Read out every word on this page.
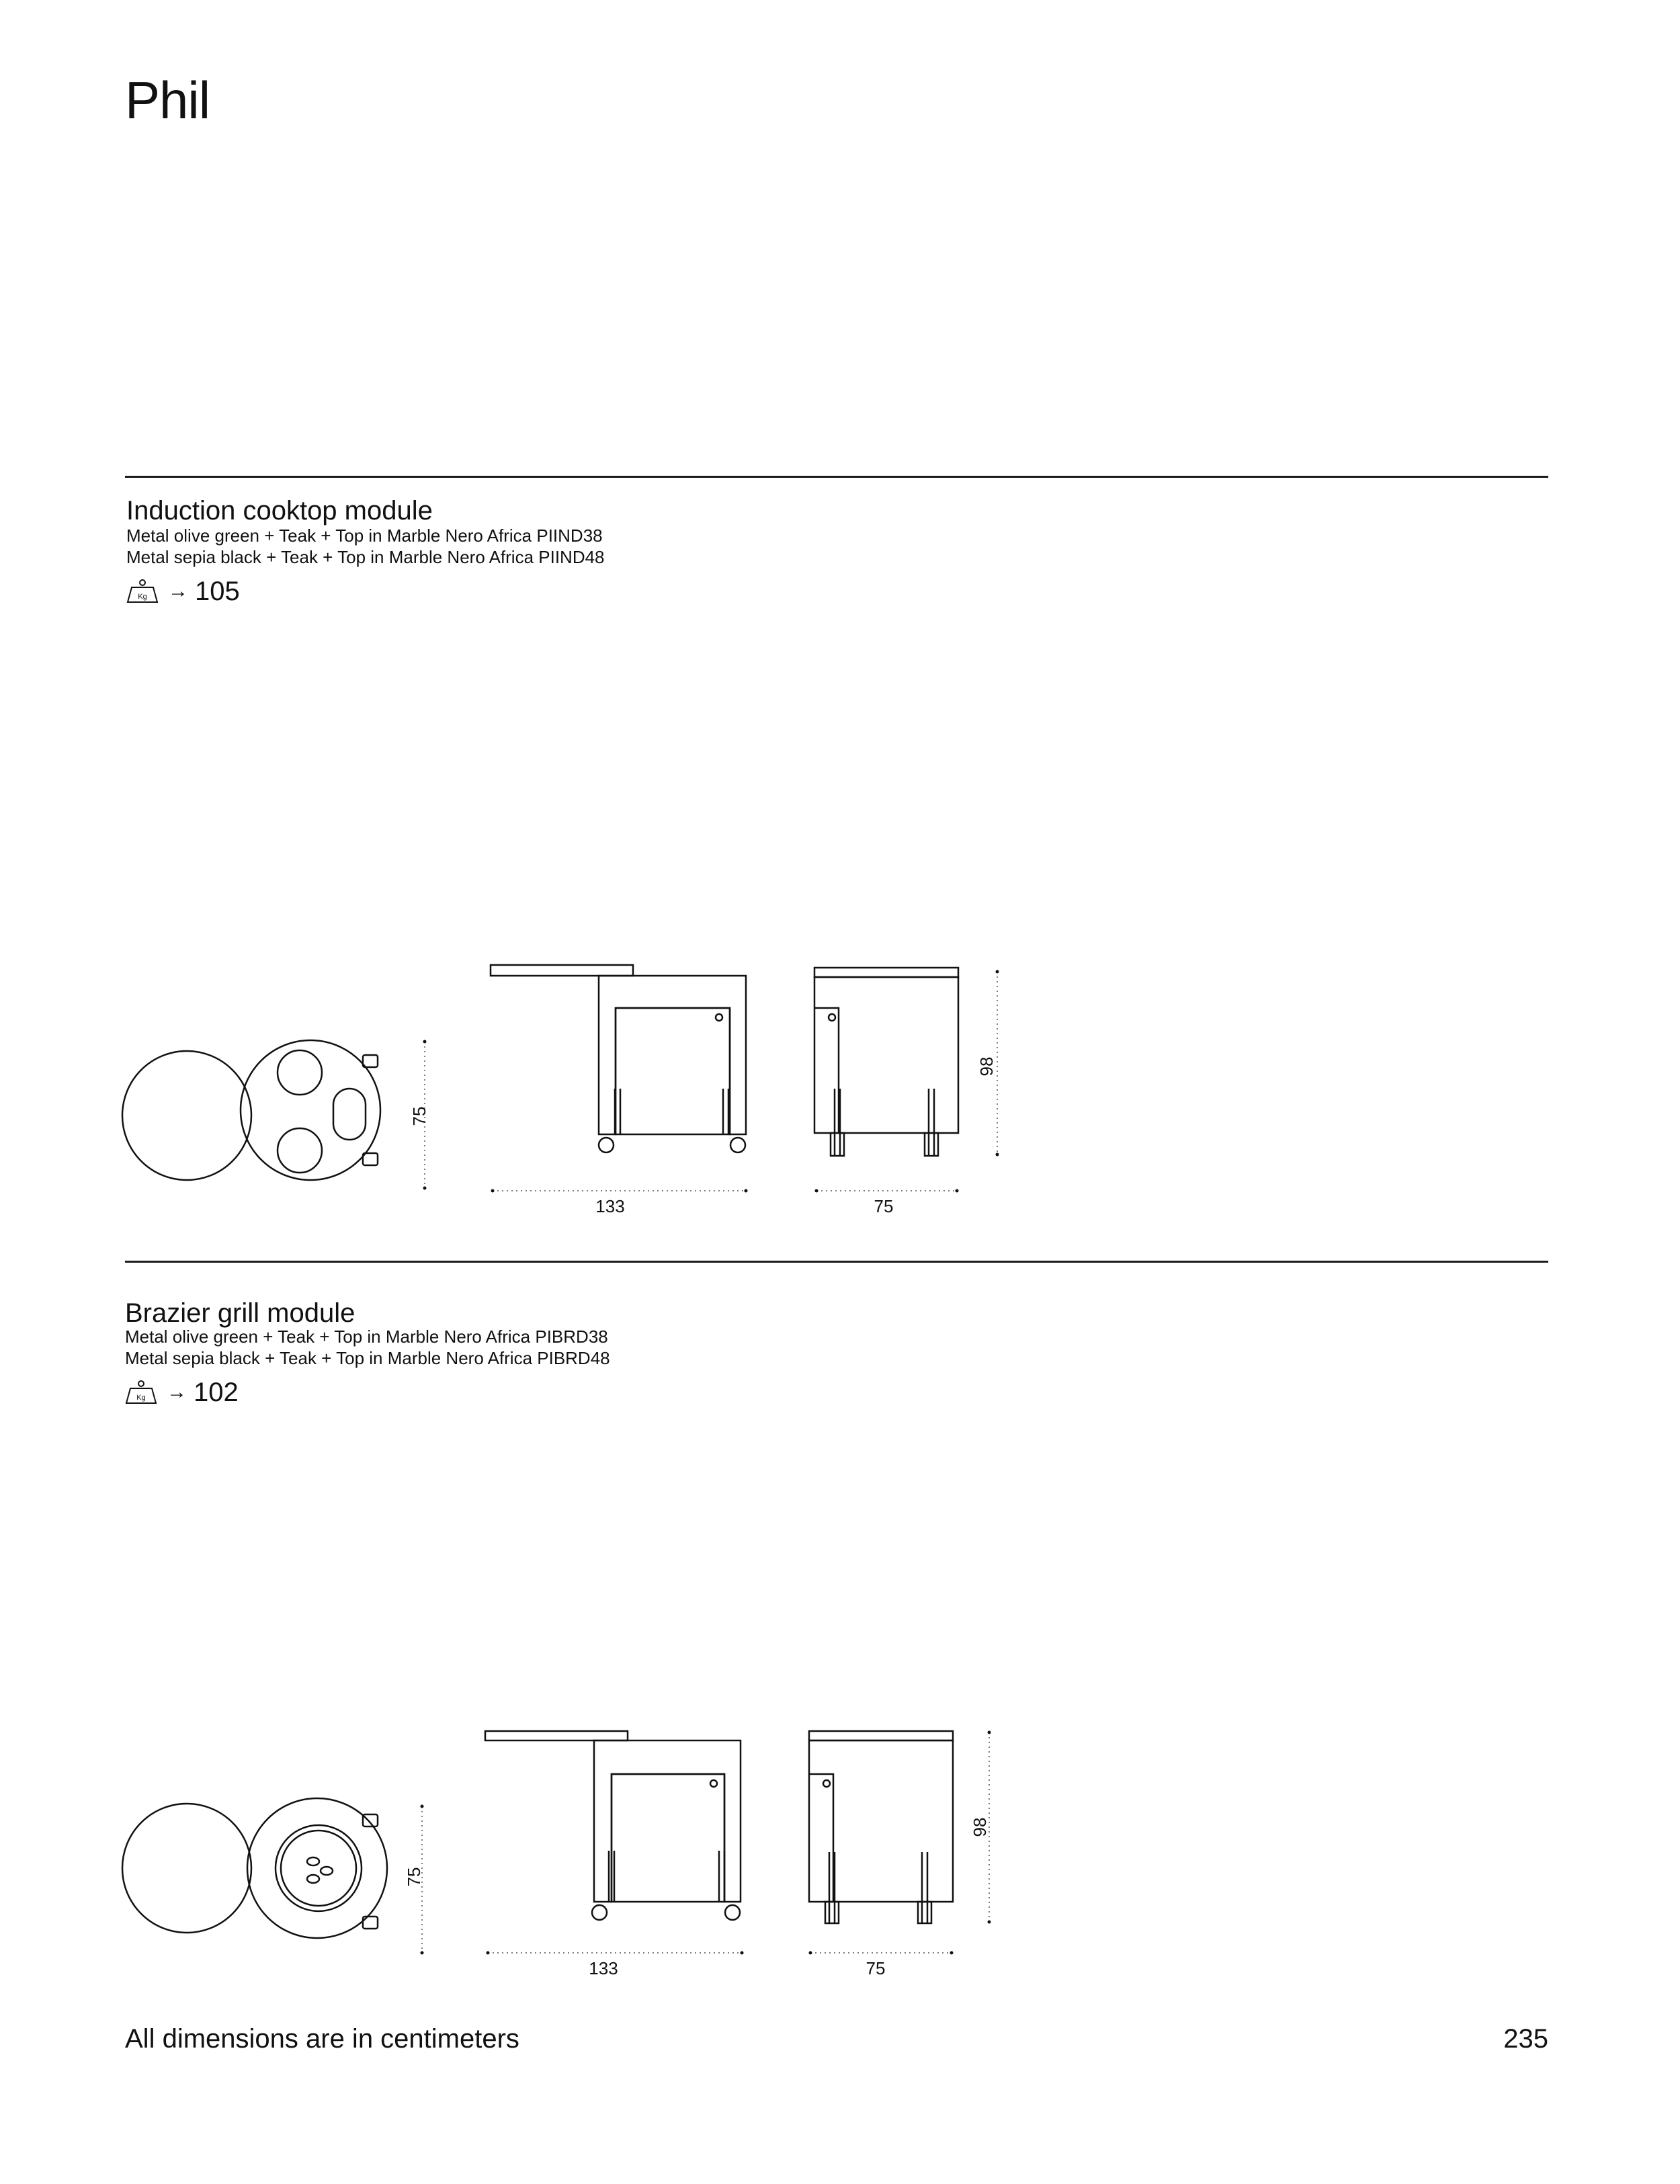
Phil
Induction cooktop module
Metal olive green + Teak + Top in Marble Nero Africa PIIND38
Metal sepia black + Teak + Top in Marble Nero Africa PIIND48
Kg → 105
75
133	75
98
Brazier grill module
Metal olive green + Teak + Top in Marble Nero Africa PIBRD38
Metal sepia black + Teak + Top in Marble Nero Africa PIBRD48
Kg → 102
75
133	75
98
All dimensions are in centimeters	235
